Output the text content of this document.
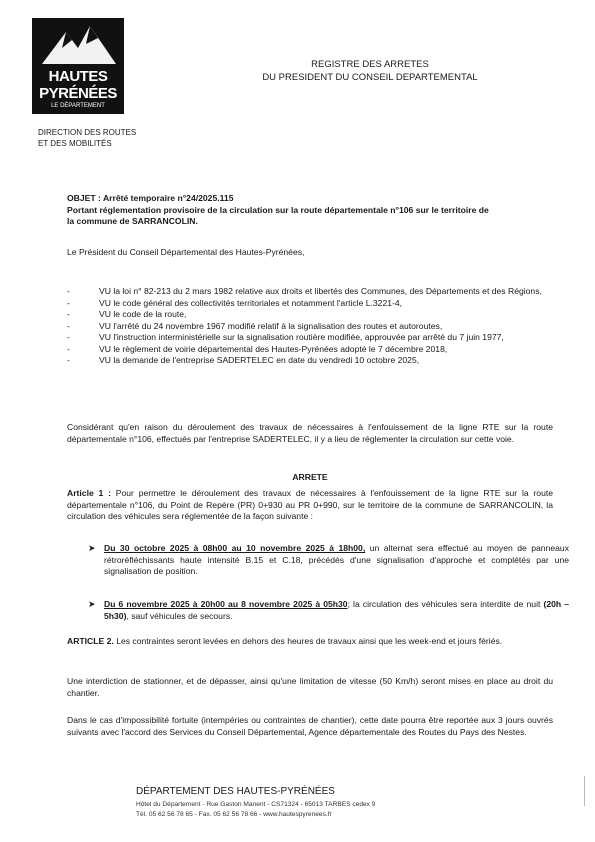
HAUTES
PYRÉNÉES
LE DÉPARTEMENT
DIRECTION DES ROUTES
ET DES MOBILITÉS
REGISTRE DES ARRETES
DU PRESIDENT DU CONSEIL DEPARTEMENTAL
OBJET : Arrêté temporaire n°24/2025.115
Portant réglementation provisoire de la circulation sur la route départementale n°106 sur le territoire de
la commune de SARRANCOLIN.
Le Président du Conseil Départemental des Hautes-Pyrénées,
-	VU la loi n° 82-213 du 2 mars 1982 relative aux droits et libertés des Communes, des Départements et des Régions,
-	VU le code général des collectivités territoriales et notamment l'article L.3221-4,
-	VU le code de la route,
-	VU l'arrêté du 24 novembre 1967 modifié relatif à la signalisation des routes et autoroutes,
-	VU l'instruction interministérielle sur la signalisation routière modifiée, approuvée par arrêté du 7 juin 1977,
-	VU le règlement de voirie départemental des Hautes-Pyrénées adopté le 7 décembre 2018,
-	VU la demande de l'entreprise SADERTELEC en date du vendredi 10 octobre 2025,
Considérant qu'en raison du déroulement des travaux de nécessaires à l'enfouissement de la ligne RTE sur la route départementale n°106, effectués par l'entreprise SADERTELEC, il y a lieu de réglementer la circulation sur cette voie.
ARRETE
Article 1 : Pour permettre le déroulement des travaux de nécessaires à l'enfouissement de la ligne RTE sur la route départementale n°106, du Point de Repère (PR) 0+930 au PR 0+990, sur le territoire de la commune de SARRANCOLIN, la circulation des véhicules sera réglementée de la façon suivante :
➤ Du 30 octobre 2025 à 08h00 au 10 novembre 2025 à 18h00, un alternat sera effectué au moyen de panneaux rétroréfléchissants haute intensité B.15 et C.18, précédés d'une signalisation d'approche et complétés par une signalisation de position.
➤ Du 6 novembre 2025 à 20h00 au 8 novembre 2025 à 05h30; la circulation des véhicules sera interdite de nuit (20h – 5h30), sauf véhicules de secours.
ARTICLE 2. Les contraintes seront levées en dehors des heures de travaux ainsi que les week-end et jours fériés.
Une interdiction de stationner, et de dépasser, ainsi qu'une limitation de vitesse (50 Km/h) seront mises en place au droit du chantier.
Dans le cas d'impossibilité fortuite (intempéries ou contraintes de chantier), cette date pourra être reportée aux 3 jours ouvrés suivants avec l'accord des Services du Conseil Départemental, Agence départementale des Routes du Pays des Nestes.
DÉPARTEMENT DES HAUTES-PYRÉNÉES
Hôtel du Département - Rue Gaston Manent - CS71324 - 65013 TARBES cedex 9
Tél. 05 62 56 78 65 - Fax. 05 62 56 78 66 - www.hautespyrenees.fr
